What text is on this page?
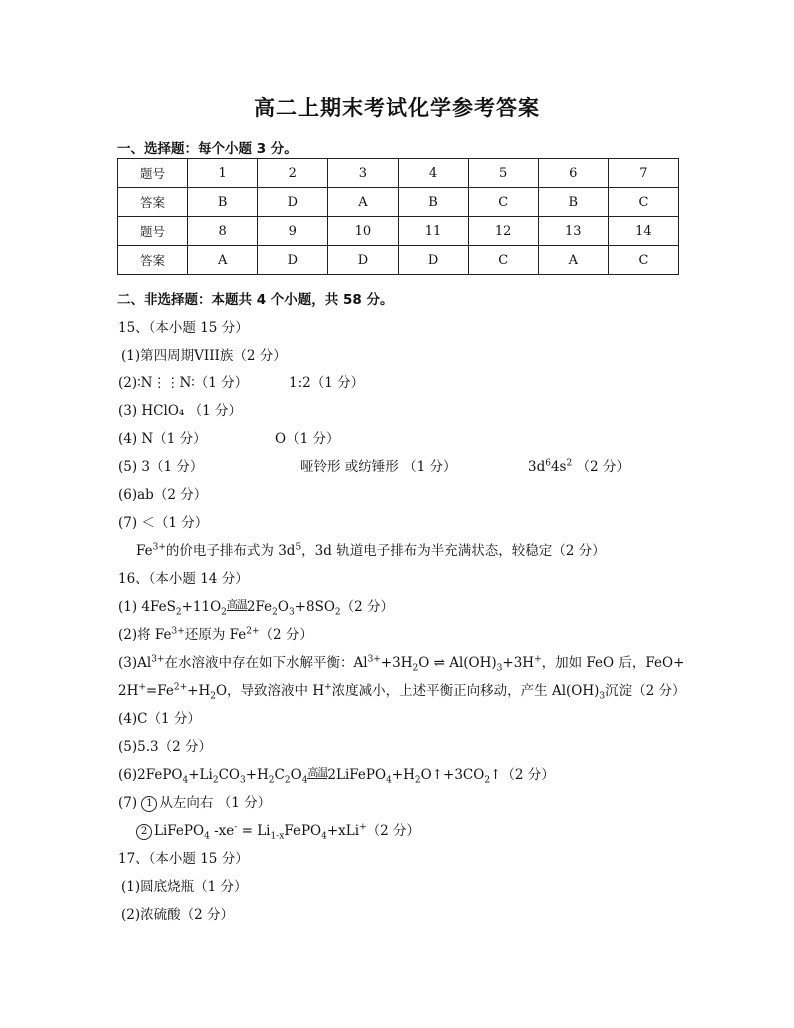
高二上期末考试化学参考答案
一、选择题：每个小题 3 分。
题号	1	2	3	4	5	6	7
答案	B	D	A	B	C	B	C
题号	8	9	10	11	12	13	14
答案	A	D	D	D	C	A	C
二、非选择题：本题共 4 个小题，共 58 分。
15、（本小题 15 分）
(1)第四周期VIII族（2 分）
(2)∶N⋮⋮N∶（1 分）	1:2（1 分）
(3) HClO₄ （1 分）
(4) N（1 分）	O（1 分）
(5) 3（1 分）	哑铃形 或纺锤形 （1 分）	$3d^64s^2$ （2 分）
(6)ab（2 分）
(7) ＜（1 分）
$Fe^{3+}$的价电子排布式为 $3d^5$，3d 轨道电子排布为半充满状态，较稳定（2 分）
16、（本小题 14 分）
(1) $4FeS_2+11O_2$高温$2Fe_2O_3+8SO_2(2$ 分）
(2)将 $Fe^{3+}$还原为 $Fe^{2+}(2$ 分）
$(3)Al^{3+}$在水溶液中存在如下水解平衡：$Al^{3+}+3H_2O$ ⇌ $Al(OH)_3+3H^+$，加如 FeO 后，FeO+
$2H^+=Fe^{2+}+H_2O$，导致溶液中 H+浓度减小，上述平衡正向移动，产生 $Al(OH)_3$沉淀（2 分）
(4)C（1 分）
(5)5.3（2 分）
$(6)2FePO_4+Li_2CO_3+H_2C_2O_4$高温$2LiFePO_4+H_2O↑+3CO_2↑(2$ 分）
(7) 1 从左向右 （1 分）
2 LiFePO$_4$ $-xe^- = Li_{1-x}FePO_4+xLi^+(2$ 分）
17、（本小题 15 分）
(1)圆底烧瓶（1 分）
(2)浓硫酸（2 分）
